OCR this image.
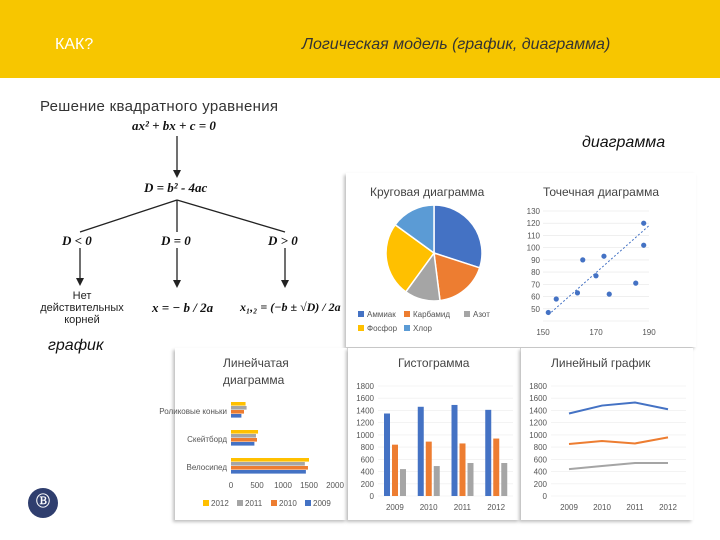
КАК?	Логическая модель (график, диаграмма)
Решение квадратного уравнения
ax² + bx + c = 0
D = b² - 4ac
D < 0	D = 0	D > 0
Нет действительных корней
x = − b / 2a x₁,₂ = (−b ± √D) / 2a
диаграмма
график
Круговая диаграмма	Точечная диаграмма
Аммиак Карбамид	Азот
Фосфор Хлор
50
60
70
80
90
100
110
120
130
150	170	190
Линейчатая
диаграмма
Роликовые коньки
Скейтборд
Велосипед
0 500 1000 1500 2000
2012 2011 2010 2009
Гистограмма
0
200
400
600
800
1000
1200
1400
1600
1800
2009 2010 2011 2012
Линейный график
0
200
400
600
800
1000
1200
1400
1600
1800
2009 2010 2011 2012
Ⓑ
